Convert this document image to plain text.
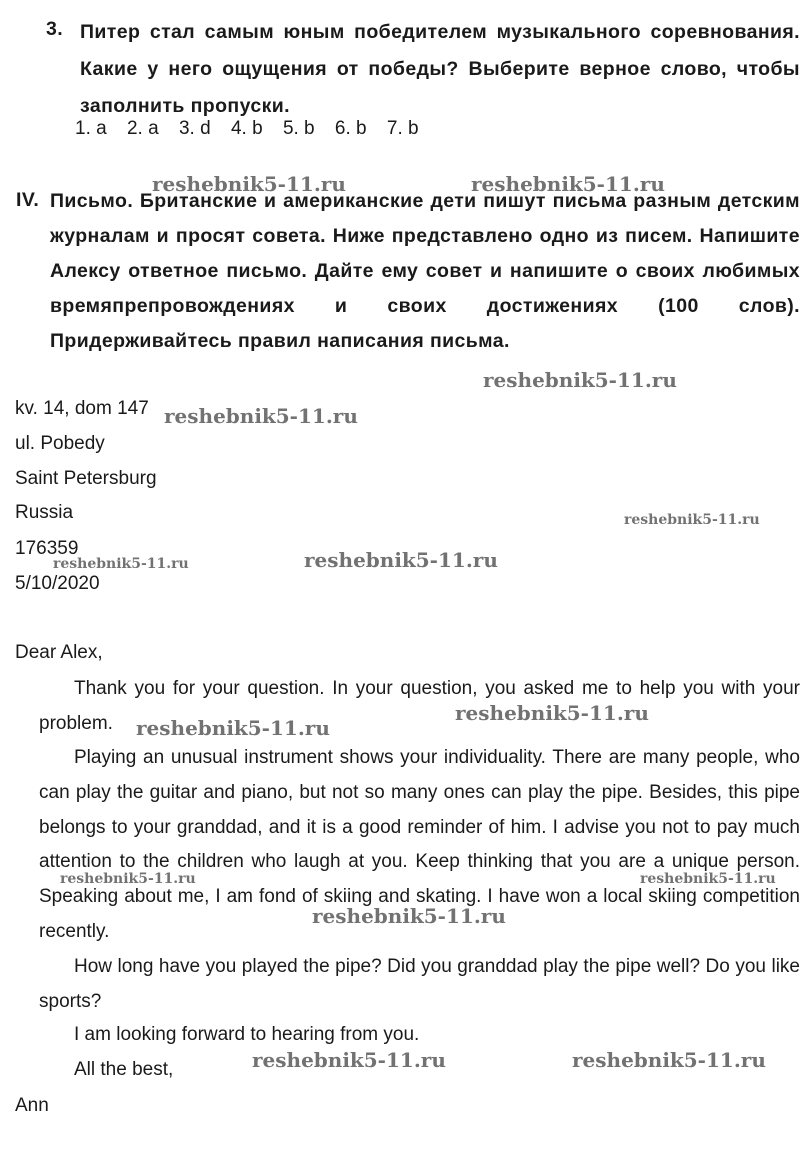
3. Питер стал самым юным победителем музыкального соревнования. Какие у него ощущения от победы? Выберите верное слово, чтобы заполнить пропуски.
1. a 2. a 3. d 4. b 5. b 6. b 7. b
IV. Письмо. Британские и американские дети пишут письма разным детским журналам и просят совета. Ниже представлено одно из писем. Напишите Алексу ответное письмо. Дайте ему совет и напишите о своих любимых времяпрепровождениях и своих достижениях (100 слов).
Придерживайтесь правил написания письма.
kv. 14, dom 147
ul. Pobedy
Saint Petersburg
Russia
176359
5/10/2020
Dear Alex,
Thank you for your question. In your question, you asked me to help you with your problem.
Playing an unusual instrument shows your individuality. There are many people, who can play the guitar and piano, but not so many ones can play the pipe. Besides, this pipe belongs to your granddad, and it is a good reminder of him. I advise you not to pay much attention to the children who laugh at you. Keep thinking that you are a unique person. Speaking about me, I am fond of skiing and skating. I have won a local skiing competition recently.
How long have you played the pipe? Did you granddad play the pipe well? Do you like sports?
I am looking forward to hearing from you.
All the best,
Ann
reshebnik5-11.ru	reshebnik5-11.ru
reshebnik5-11.ru
reshebnik5-11.ru
reshebnik5-11.ru
reshebnik5-11.ru
reshebnik5-11.ru
reshebnik5-11.ru
reshebnik5-11.ru
reshebnik5-11.ru	reshebnik5-11.ru
reshebnik5-11.ru
reshebnik5-11.ru	reshebnik5-11.ru
